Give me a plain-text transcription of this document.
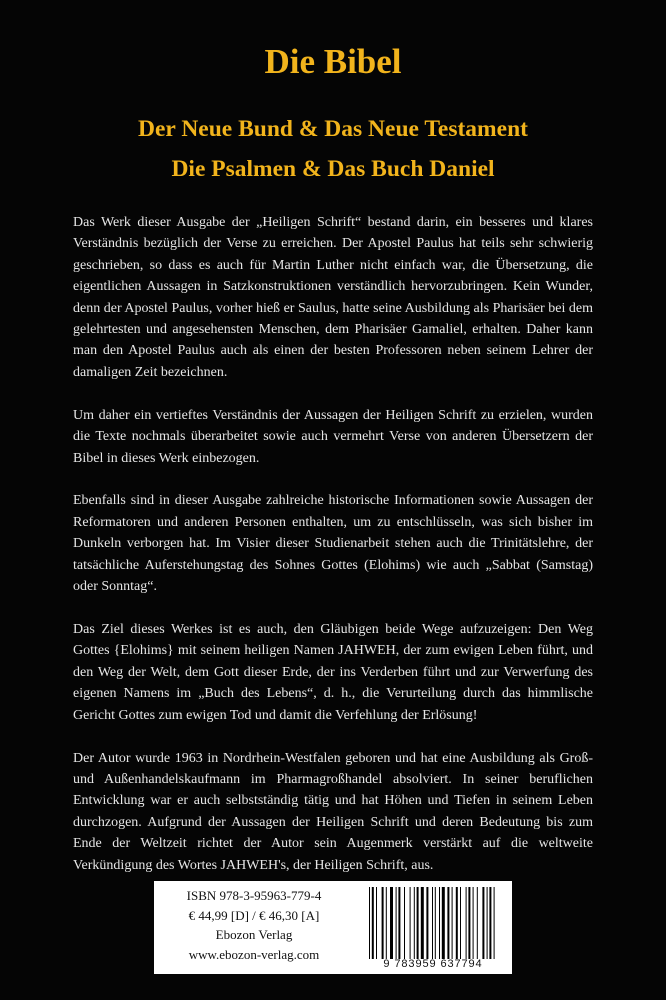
Die Bibel
Der Neue Bund & Das Neue Testament
Die Psalmen & Das Buch Daniel

Das Werk dieser Ausgabe der „Heiligen Schrift“ bestand darin, ein besseres und klares Verständnis bezüglich der Verse zu erreichen. Der Apostel Paulus hat teils sehr schwierig geschrieben, so dass es auch für Martin Luther nicht einfach war, die Übersetzung, die eigentlichen Aussagen in Satzkonstruktionen verständlich hervorzubringen. Kein Wunder, denn der Apostel Paulus, vorher hieß er Saulus, hatte seine Ausbildung als Pharisäer bei dem gelehrtesten und angesehensten Menschen, dem Pharisäer Gamaliel, erhalten. Daher kann man den Apostel Paulus auch als einen der besten Professoren neben seinem Lehrer der damaligen Zeit bezeichnen.

Um daher ein vertieftes Verständnis der Aussagen der Heiligen Schrift zu erzielen, wurden die Texte nochmals überarbeitet sowie auch vermehrt Verse von anderen Übersetzern der Bibel in dieses Werk einbezogen.

Ebenfalls sind in dieser Ausgabe zahlreiche historische Informationen sowie Aussagen der Reformatoren und anderen Personen enthalten, um zu entschlüsseln, was sich bisher im Dunkeln verborgen hat. Im Visier dieser Studienarbeit stehen auch die Trinitätslehre, der tatsächliche Auferstehungstag des Sohnes Gottes (Elohims) wie auch „Sabbat (Samstag) oder Sonntag“.

Das Ziel dieses Werkes ist es auch, den Gläubigen beide Wege aufzuzeigen: Den Weg Gottes {Elohims} mit seinem heiligen Namen JAHWEH, der zum ewigen Leben führt, und den Weg der Welt, dem Gott dieser Erde, der ins Verderben führt und zur Verwerfung des eigenen Namens im „Buch des Lebens“, d. h., die Verurteilung durch das himmlische Gericht Gottes zum ewigen Tod und damit die Verfehlung der Erlösung!

Der Autor wurde 1963 in Nordrhein-Westfalen geboren und hat eine Ausbildung als Groß-und Außenhandelskaufmann im Pharmagroßhandel absolviert. In seiner beruflichen Entwicklung war er auch selbstständig tätig und hat Höhen und Tiefen in seinem Leben durchzogen. Aufgrund der Aussagen der Heiligen Schrift und deren Bedeutung bis zum Ende der Weltzeit richtet der Autor sein Augenmerk verstärkt auf die weltweite Verkündigung des Wortes JAHWEH's, der Heiligen Schrift, aus.

ISBN 978-3-95963-779-4
€ 44,99 [D] / € 46,30 [A]
Ebozon Verlag
www.ebozon-verlag.com
9 783959 637794
